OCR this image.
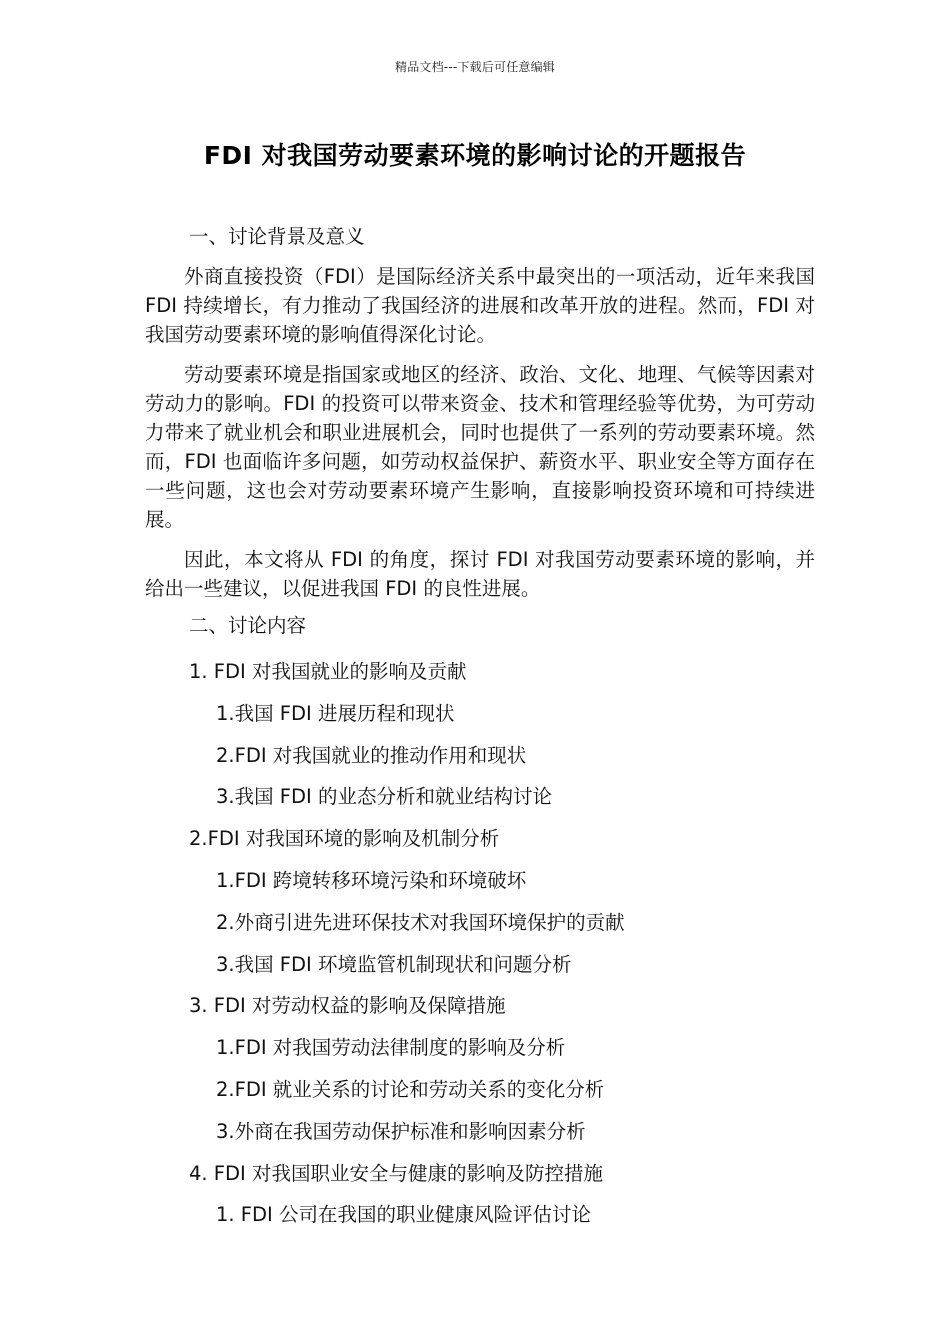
精品文档---下载后可任意编辑
FDI 对我国劳动要素环境的影响讨论的开题报告
一、讨论背景及意义

外商直接投资（FDI）是国际经济关系中最突出的一项活动，近年来我国 FDI 持续增长，有力推动了我国经济的进展和改革开放的进程。然而，FDI 对我国劳动要素环境的影响值得深化讨论。

劳动要素环境是指国家或地区的经济、政治、文化、地理、气候等因素对劳动力的影响。FDI 的投资可以带来资金、技术和管理经验等优势，为可劳动力带来了就业机会和职业进展机会，同时也提供了一系列的劳动要素环境。然而，FDI 也面临许多问题，如劳动权益保护、薪资水平、职业安全等方面存在一些问题，这也会对劳动要素环境产生影响，直接影响投资环境和可持续进展。

因此，本文将从 FDI 的角度，探讨 FDI 对我国劳动要素环境的影响，并给出一些建议，以促进我国 FDI 的良性进展。

二、讨论内容
1. FDI 对我国就业的影响及贡献
1.我国 FDI 进展历程和现状
2.FDI 对我国就业的推动作用和现状
3.我国 FDI 的业态分析和就业结构讨论
2.FDI 对我国环境的影响及机制分析
1.FDI 跨境转移环境污染和环境破坏
2.外商引进先进环保技术对我国环境保护的贡献
3.我国 FDI 环境监管机制现状和问题分析
3. FDI 对劳动权益的影响及保障措施
1.FDI 对我国劳动法律制度的影响及分析
2.FDI 就业关系的讨论和劳动关系的变化分析
3.外商在我国劳动保护标准和影响因素分析
4. FDI 对我国职业安全与健康的影响及防控措施
1. FDI 公司在我国的职业健康风险评估讨论
